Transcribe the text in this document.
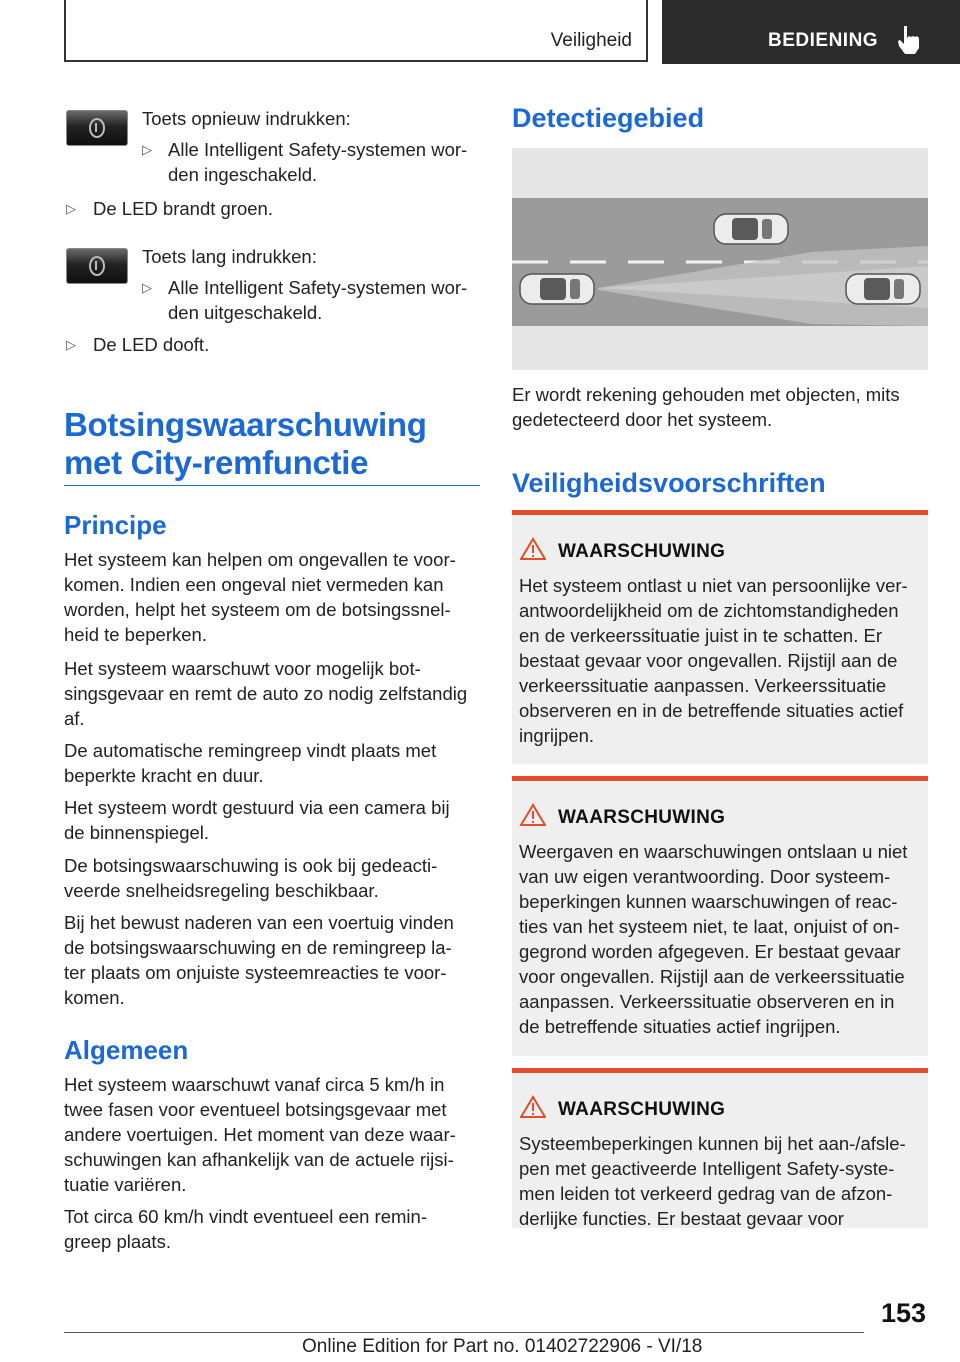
Veiligheid	BEDIENING
Toets opnieuw indrukken:
▷ Alle Intelligent Safety-systemen wor-
den ingeschakeld.
▷ De LED brandt groen.
Toets lang indrukken:
▷ Alle Intelligent Safety-systemen wor-
den uitgeschakeld.
▷ De LED dooft.
Botsingswaarschuwing
met City-remfunctie
Principe
Het systeem kan helpen om ongevallen te voor-
komen. Indien een ongeval niet vermeden kan
worden, helpt het systeem om de botsingssnel-
heid te beperken.
Het systeem waarschuwt voor mogelijk bot-
singsgevaar en remt de auto zo nodig zelfstandig
af.
De automatische remingreep vindt plaats met
beperkte kracht en duur.
Het systeem wordt gestuurd via een camera bij
de binnenspiegel.
De botsingswaarschuwing is ook bij gedeacti-
veerde snelheidsregeling beschikbaar.
Bij het bewust naderen van een voertuig vinden
de botsingswaarschuwing en de remingreep la-
ter plaats om onjuiste systeemreacties te voor-
komen.
Algemeen
Het systeem waarschuwt vanaf circa 5 km/h in
twee fasen voor eventueel botsingsgevaar met
andere voertuigen. Het moment van deze waar-
schuwingen kan afhankelijk van de actuele rijsi-
tuatie variëren.
Tot circa 60 km/h vindt eventueel een remin-
greep plaats.
Detectiegebied
Er wordt rekening gehouden met objecten, mits
gedetecteerd door het systeem.
Veiligheidsvoorschriften
WAARSCHUWING
Het systeem ontlast u niet van persoonlijke ver-
antwoordelijkheid om de zichtomstandigheden
en de verkeerssituatie juist in te schatten. Er
bestaat gevaar voor ongevallen. Rijstijl aan de
verkeerssituatie aanpassen. Verkeerssituatie
observeren en in de betreffende situaties actief
ingrijpen.
WAARSCHUWING
Weergaven en waarschuwingen ontslaan u niet
van uw eigen verantwoording. Door systeem-
beperkingen kunnen waarschuwingen of reac-
ties van het systeem niet, te laat, onjuist of on-
gegrond worden afgegeven. Er bestaat gevaar
voor ongevallen. Rijstijl aan de verkeerssituatie
aanpassen. Verkeerssituatie observeren en in
de betreffende situaties actief ingrijpen.
WAARSCHUWING
Systeembeperkingen kunnen bij het aan-/afsle-
pen met geactiveerde Intelligent Safety-syste-
men leiden tot verkeerd gedrag van de afzon-
derlijke functies. Er bestaat gevaar voor
153
Online Edition for Part no. 01402722906 - VI/18
